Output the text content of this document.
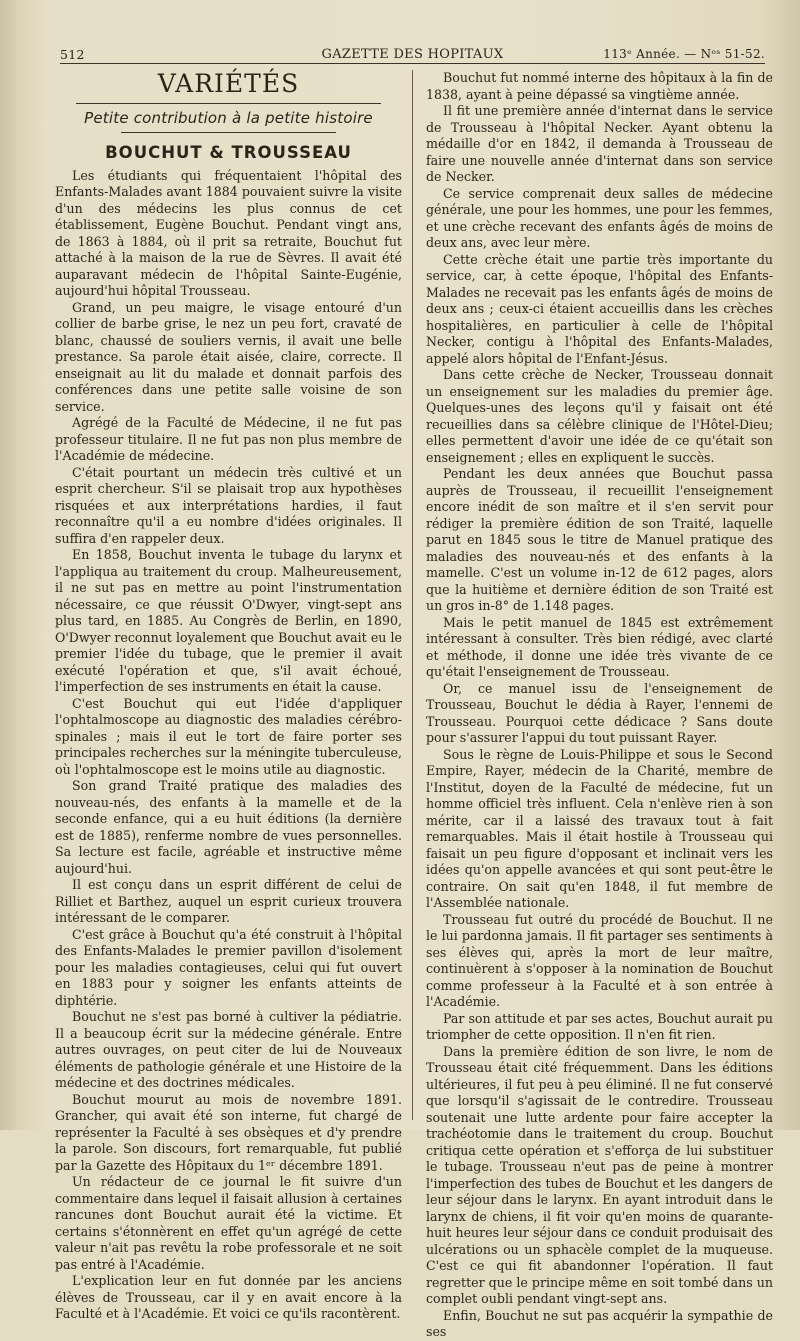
512	GAZETTE DES HOPITAUX	113ᵉ Année. — Nᵒˢ 51-52.
VARIÉTÉS
Petite contribution à la petite histoire
BOUCHUT & TROUSSEAU

Les étudiants qui fréquentaient l'hôpital des Enfants-Malades avant 1884 pouvaient suivre la visite d'un des médecins les plus connus de cet établissement, Eugène Bouchut. Pendant vingt ans, de 1863 à 1884, où il prit sa retraite, Bouchut fut attaché à la maison de la rue de Sèvres. Il avait été auparavant médecin de l'hôpital Sainte-Eugénie, aujourd'hui hôpital Trousseau.

Grand, un peu maigre, le visage entouré d'un collier de barbe grise, le nez un peu fort, cravaté de blanc, chaussé de souliers vernis, il avait une belle prestance. Sa parole était aisée, claire, correcte. Il enseignait au lit du malade et donnait parfois des conférences dans une petite salle voisine de son service.

Agrégé de la Faculté de Médecine, il ne fut pas professeur titulaire. Il ne fut pas non plus membre de l'Académie de médecine.

C'était pourtant un médecin très cultivé et un esprit chercheur. S'il se plaisait trop aux hypothèses risquées et aux interprétations hardies, il faut reconnaître qu'il a eu nombre d'idées originales. Il suffira d'en rappeler deux.

En 1858, Bouchut inventa le tubage du larynx et l'appliqua au traitement du croup. Malheureusement, il ne sut pas en mettre au point l'instrumentation nécessaire, ce que réussit O'Dwyer, vingt-sept ans plus tard, en 1885. Au Congrès de Berlin, en 1890, O'Dwyer reconnut loyalement que Bouchut avait eu le premier l'idée du tubage, que le premier il avait exécuté l'opération et que, s'il avait échoué, l'imperfection de ses instruments en était la cause.

C'est Bouchut qui eut l'idée d'appliquer l'ophtalmoscope au diagnostic des maladies cérébro-spinales ; mais il eut le tort de faire porter ses principales recherches sur la méningite tuberculeuse, où l'ophtalmoscope est le moins utile au diagnostic.

Son grand Traité pratique des maladies des nouveau-nés, des enfants à la mamelle et de la seconde enfance, qui a eu huit éditions (la dernière est de 1885), renferme nombre de vues personnelles. Sa lecture est facile, agréable et instructive même aujourd'hui.

Il est conçu dans un esprit différent de celui de Rilliet et Barthez, auquel un esprit curieux trouvera intéressant de le comparer.

C'est grâce à Bouchut qu'a été construit à l'hôpital des Enfants-Malades le premier pavillon d'isolement pour les maladies contagieuses, celui qui fut ouvert en 1883 pour y soigner les enfants atteints de diphtérie.

Bouchut ne s'est pas borné à cultiver la pédiatrie. Il a beaucoup écrit sur la médecine générale. Entre autres ouvrages, on peut citer de lui de Nouveaux éléments de pathologie générale et une Histoire de la médecine et des doctrines médicales.

Bouchut mourut au mois de novembre 1891. Grancher, qui avait été son interne, fut chargé de représenter la Faculté à ses obsèques et d'y prendre la parole. Son discours, fort remarquable, fut publié par la Gazette des Hôpitaux du 1ᵉʳ décembre 1891.

Un rédacteur de ce journal le fit suivre d'un commentaire dans lequel il faisait allusion à certaines rancunes dont Bouchut aurait été la victime. Et certains s'étonnèrent en effet qu'un agrégé de cette valeur n'ait pas revêtu la robe professorale et ne soit pas entré à l'Académie.

L'explication leur en fut donnée par les anciens élèves de Trousseau, car il y en avait encore à la Faculté et à l'Académie. Et voici ce qu'ils racontèrent.

Bouchut fut nommé interne des hôpitaux à la fin de 1838, ayant à peine dépassé sa vingtième année.

Il fit une première année d'internat dans le service de Trousseau à l'hôpital Necker. Ayant obtenu la médaille d'or en 1842, il demanda à Trousseau de faire une nouvelle année d'internat dans son service de Necker.

Ce service comprenait deux salles de médecine générale, une pour les hommes, une pour les femmes, et une crèche recevant des enfants âgés de moins de deux ans, avec leur mère.

Cette crèche était une partie très importante du service, car, à cette époque, l'hôpital des Enfants-Malades ne recevait pas les enfants âgés de moins de deux ans ; ceux-ci étaient accueillis dans les crèches hospitalières, en particulier à celle de l'hôpital Necker, contigu à l'hôpital des Enfants-Malades, appelé alors hôpital de l'Enfant-Jésus.

Dans cette crèche de Necker, Trousseau donnait un enseignement sur les maladies du premier âge. Quelques-unes des leçons qu'il y faisait ont été recueillies dans sa célèbre clinique de l'Hôtel-Dieu; elles permettent d'avoir une idée de ce qu'était son enseignement ; elles en expliquent le succès.

Pendant les deux années que Bouchut passa auprès de Trousseau, il recueillit l'enseignement encore inédit de son maître et il s'en servit pour rédiger la première édition de son Traité, laquelle parut en 1845 sous le titre de Manuel pratique des maladies des nouveau-nés et des enfants à la mamelle. C'est un volume in-12 de 612 pages, alors que la huitième et dernière édition de son Traité est un gros in-8° de 1.148 pages.

Mais le petit manuel de 1845 est extrêmement intéressant à consulter. Très bien rédigé, avec clarté et méthode, il donne une idée très vivante de ce qu'était l'enseignement de Trousseau.

Or, ce manuel issu de l'enseignement de Trousseau, Bouchut le dédia à Rayer, l'ennemi de Trousseau. Pourquoi cette dédicace ? Sans doute pour s'assurer l'appui du tout puissant Rayer.

Sous le règne de Louis-Philippe et sous le Second Empire, Rayer, médecin de la Charité, membre de l'Institut, doyen de la Faculté de médecine, fut un homme officiel très influent. Cela n'enlève rien à son mérite, car il a laissé des travaux tout à fait remarquables. Mais il était hostile à Trousseau qui faisait un peu figure d'opposant et inclinait vers les idées qu'on appelle avancées et qui sont peut-être le contraire. On sait qu'en 1848, il fut membre de l'Assemblée nationale.

Trousseau fut outré du procédé de Bouchut. Il ne le lui pardonna jamais. Il fit partager ses sentiments à ses élèves qui, après la mort de leur maître, continuèrent à s'opposer à la nomination de Bouchut comme professeur à la Faculté et à son entrée à l'Académie.

Par son attitude et par ses actes, Bouchut aurait pu triompher de cette opposition. Il n'en fit rien.

Dans la première édition de son livre, le nom de Trousseau était cité fréquemment. Dans les éditions ultérieures, il fut peu à peu éliminé. Il ne fut conservé que lorsqu'il s'agissait de le contredire. Trousseau soutenait une lutte ardente pour faire accepter la trachéotomie dans le traitement du croup. Bouchut critiqua cette opération et s'efforça de lui substituer le tubage. Trousseau n'eut pas de peine à montrer l'imperfection des tubes de Bouchut et les dangers de leur séjour dans le larynx. En ayant introduit dans le larynx de chiens, il fit voir qu'en moins de quarante-huit heures leur séjour dans ce conduit produisait des ulcérations ou un sphacèle complet de la muqueuse. C'est ce qui fit abandonner l'opération. Il faut regretter que le principe même en soit tombé dans un complet oubli pendant vingt-sept ans.

Enfin, Bouchut ne sut pas acquérir la sympathie de ses
